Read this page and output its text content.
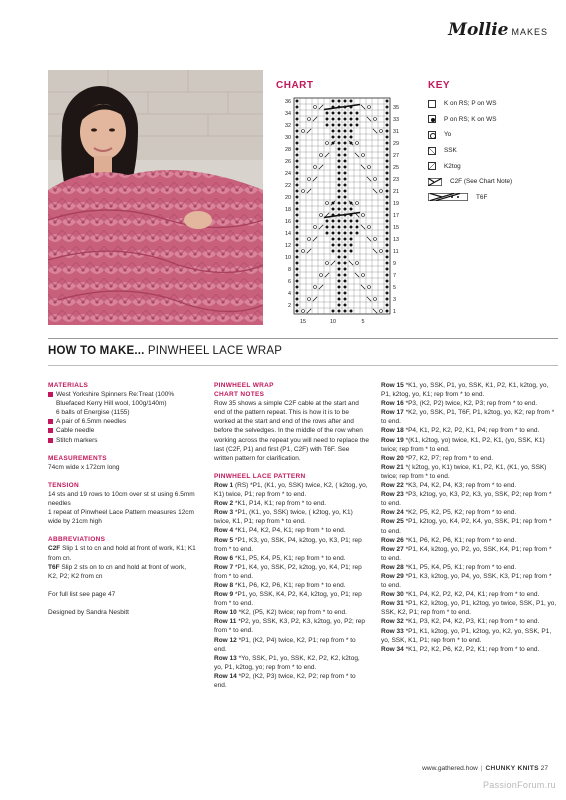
Mollie MAKES
CHART
36
34
32
30
28
26
24
22
20
18
16
14
12
10
8
6
4
2
35
33
31
29
27
25
23
21
19
17
15
13
11
9
7
5
3
1
15	10	5
KEY
K on RS; P on WS
P on RS; K on WS
Yo
SSK
K2tog
C2F (See Chart Note)
T6F
HOW TO MAKE... PINWHEEL LACE WRAP
MATERIALS
West Yorkshire Spinners Re:Treat (100% Bluefaced Kerry Hill wool, 100g/140m)
6 balls of Energise (1155)
A pair of 6.5mm needles
Cable needle
Stitch markers
MEASUREMENTS

74cm wide x 172cm long

TENSION

14 sts and 19 rows to 10cm over st st using 6.5mm needles

1 repeat of Pinwheel Lace Pattern measures 12cm wide by 21cm high

ABBREVIATIONS

C2F Slip 1 st to cn and hold at front of work, K1; K1 from cn.

T6F Slip 2 sts on to cn and hold at front of work, K2, P2; K2 from cn

For full list see page 47

Designed by Sandra Nesbitt

PINWHEEL WRAP
CHART NOTES

Row 35 shows a simple C2F cable at the start and end of the pattern repeat. This is how it is to be worked at the start and end of the rows after and before the selvedges. In the middle of the row when working across the repeat you will need to replace the last (C2F, P1) and first (P1, C2F) with T6F. See written pattern for clarification.

PINWHEEL LACE PATTERN

Row 1 (RS) *P1, (K1, yo, SSK) twice, K2, ( k2tog, yo, K1) twice, P1; rep from * to end.

Row 2 *K1, P14, K1; rep from * to end.

Row 3 *P1, (K1, yo, SSK) twice, ( k2tog, yo, K1) twice, K1, P1; rep from * to end.

Row 4 *K1, P4, K2, P4, K1; rep from * to end.

Row 5 *P1, K3, yo, SSK, P4, k2tog, yo, K3, P1; rep from * to end.

Row 6 *K1, P5, K4, P5, K1; rep from * to end.

Row 7 *P1, K4, yo, SSK, P2, k2tog, yo, K4, P1; rep from * to end.

Row 8 *K1, P6, K2, P6, K1; rep from * to end.

Row 9 *P1, yo, SSK, K4, P2, K4, k2tog, yo, P1; rep from * to end.

Row 10 *K2, (P5, K2) twice; rep from * to end.

Row 11 *P2, yo, SSK, K3, P2, K3, k2tog, yo, P2; rep from * to end.

Row 12 *P1, (K2, P4) twice, K2, P1; rep from * to end.

Row 13 *Yo, SSK, P1, yo, SSK, K2, P2, K2, k2tog, yo, P1, k2tog, yo; rep from * to end.

Row 14 *P2, (K2, P3) twice, K2, P2; rep from * to end.

Row 15 *K1, yo, SSK, P1, yo, SSK, K1, P2, K1, k2tog, yo, P1, k2tog, yo, K1; rep from * to end.

Row 16 *P3, (K2, P2) twice, K2, P3; rep from * to end.

Row 17 *K2, yo, SSK, P1, T6F, P1, k2tog, yo, K2; rep from * to end.

Row 18 *P4, K1, P2, K2, P2, K1, P4; rep from * to end.

Row 19 *(K1, k2tog, yo) twice, K1, P2, K1, (yo, SSK, K1) twice; rep from * to end.

Row 20 *P7, K2, P7; rep from * to end.

Row 21 *( k2tog, yo, K1) twice, K1, P2, K1, (K1, yo, SSK) twice; rep from * to end.

Row 22 *K3, P4, K2, P4, K3; rep from * to end.

Row 23 *P3, k2tog, yo, K3, P2, K3, yo, SSK, P2; rep from * to end.

Row 24 *K2, P5, K2, P5, K2; rep from * to end.

Row 25 *P1, k2tog, yo, K4, P2, K4, yo, SSK, P1; rep from * to end.

Row 26 *K1, P6, K2, P6, K1; rep from * to end.

Row 27 *P1, K4, k2tog, yo, P2, yo, SSK, K4, P1; rep from * to end.

Row 28 *K1, P5, K4, P5, K1; rep from * to end.

Row 29 *P1, K3, k2tog, yo, P4, yo, SSK, K3, P1; rep from * to end.

Row 30 *K1, P4, K2, P2, K2, P4, K1; rep from * to end.

Row 31 *P1, K2, k2tog, yo, P1, k2tog, yo twice, SSK, P1, yo, SSK, K2, P1; rep from * to end.

Row 32 *K1, P3, K2, P4, K2, P3, K1; rep from * to end.

Row 33 *P1, K1, k2tog, yo, P1, k2tog, yo, K2, yo, SSK, P1, yo, SSK, K1, P1; rep from * to end.

Row 34 *K1, P2, K2, P6, K2, P2, K1; rep from * to end.

www.gathered.how | CHUNKY KNITS 27
PassionForum.ru
